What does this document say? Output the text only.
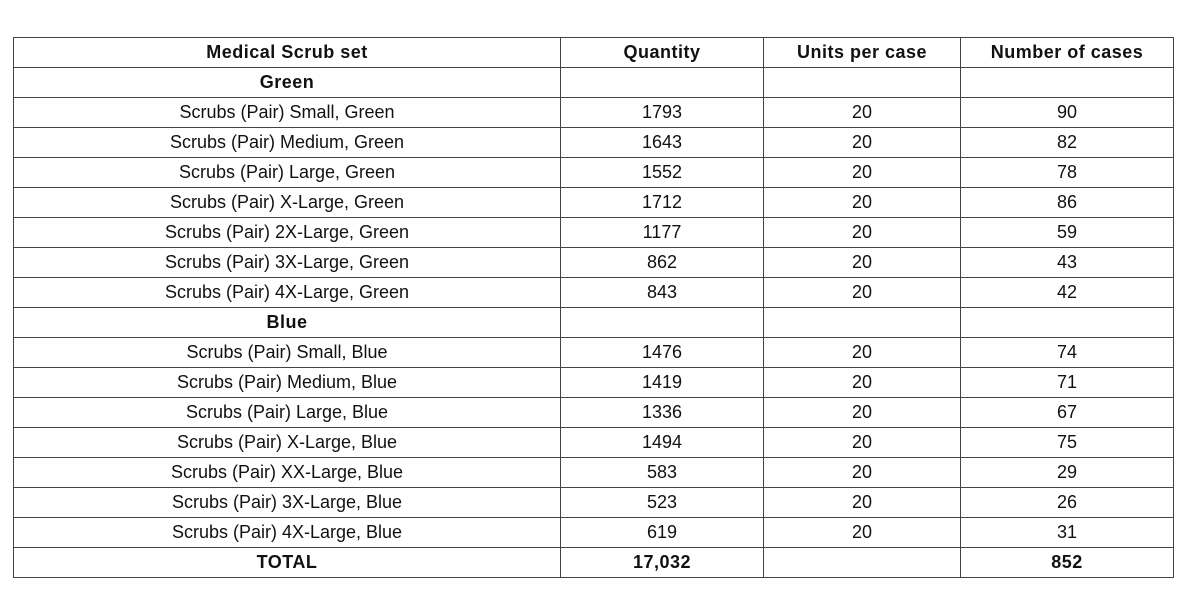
Medical Scrub set	Quantity	Units per case	Number of cases
Green			
Scrubs (Pair) Small, Green	1793	20	90
Scrubs (Pair) Medium, Green	1643	20	82
Scrubs (Pair) Large, Green	1552	20	78
Scrubs (Pair) X-Large, Green	1712	20	86
Scrubs (Pair) 2X-Large, Green	1177	20	59
Scrubs (Pair) 3X-Large, Green	862	20	43
Scrubs (Pair) 4X-Large, Green	843	20	42
Blue			
Scrubs (Pair) Small, Blue	1476	20	74
Scrubs (Pair) Medium, Blue	1419	20	71
Scrubs (Pair) Large, Blue	1336	20	67
Scrubs (Pair) X-Large, Blue	1494	20	75
Scrubs (Pair) XX-Large, Blue	583	20	29
Scrubs (Pair) 3X-Large, Blue	523	20	26
Scrubs (Pair) 4X-Large, Blue	619	20	31
TOTAL	17,032		852
